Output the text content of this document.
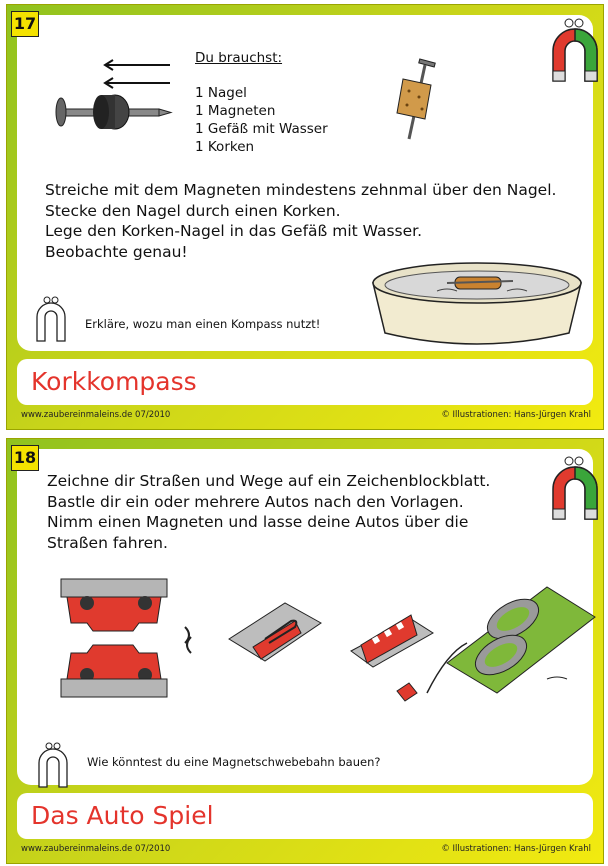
17
Du brauchst:
1 Nagel
1 Magneten
1 Gefäß mit Wasser
1 Korken
Streiche mit dem Magneten mindestens zehnmal über den Nagel.
Stecke den Nagel durch einen Korken.
Lege den Korken-Nagel in das Gefäß mit Wasser.
Beobachte genau!
Erkläre, wozu man einen Kompass nutzt!
Korkkompass
www.zaubereinmaleins.de 07/2010	© Illustrationen: Hans-Jürgen Krahl
18
Zeichne dir Straßen und Wege auf ein Zeichenblockblatt.
Bastle dir ein oder mehrere Autos nach den Vorlagen.
Nimm einen Magneten und lasse deine Autos über die
Straßen fahren.
Wie könntest du eine Magnetschwebebahn bauen?
Das Auto Spiel
www.zaubereinmaleins.de 07/2010	© Illustrationen: Hans-Jürgen Krahl
